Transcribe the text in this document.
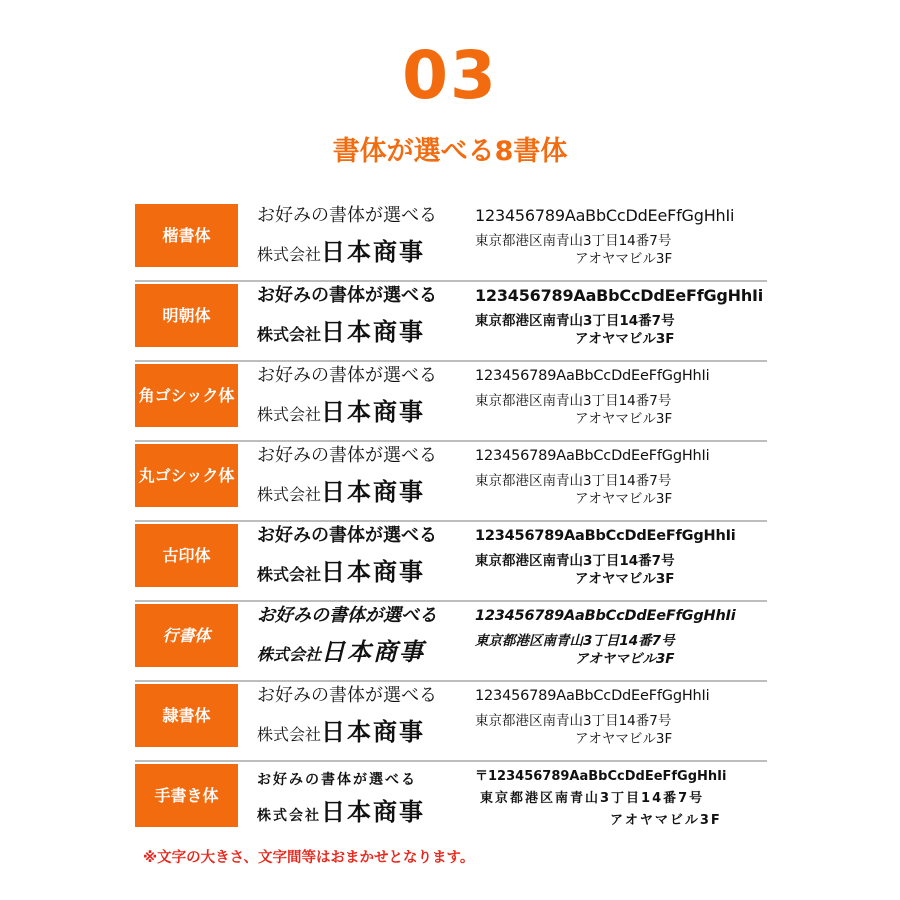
03
書体が選べる8書体
楷書体
お好みの書体が選べる
株式会社日本商事
123456789AaBbCcDdEeFfGgHhIi
東京都港区南青山3丁目14番7号
アオヤマビル3F
明朝体
お好みの書体が選べる
株式会社日本商事
123456789AaBbCcDdEeFfGgHhIi
東京都港区南青山3丁目14番7号
アオヤマビル3F
角ゴシック体
お好みの書体が選べる
株式会社日本商事
123456789AaBbCcDdEeFfGgHhIi
東京都港区南青山3丁目14番7号
アオヤマビル3F
丸ゴシック体
お好みの書体が選べる
株式会社日本商事
123456789AaBbCcDdEeFfGgHhIi
東京都港区南青山3丁目14番7号
アオヤマビル3F
古印体
お好みの書体が選べる
株式会社日本商事
123456789AaBbCcDdEeFfGgHhIi
東京都港区南青山3丁目14番7号
アオヤマビル3F
行書体
お好みの書体が選べる
株式会社日本商事
123456789AaBbCcDdEeFfGgHhIi
東京都港区南青山3丁目14番7号
アオヤマビル3F
隷書体
お好みの書体が選べる
株式会社日本商事
123456789AaBbCcDdEeFfGgHhIi
東京都港区南青山3丁目14番7号
アオヤマビル3F
手書き体
お好みの書体が選べる
株式会社日本商事
〒123456789AaBbCcDdEeFfGgHhIi
東京都港区南青山3丁目14番7号
アオヤマビル3F
※文字の大きさ、文字間等はおまかせとなります。
